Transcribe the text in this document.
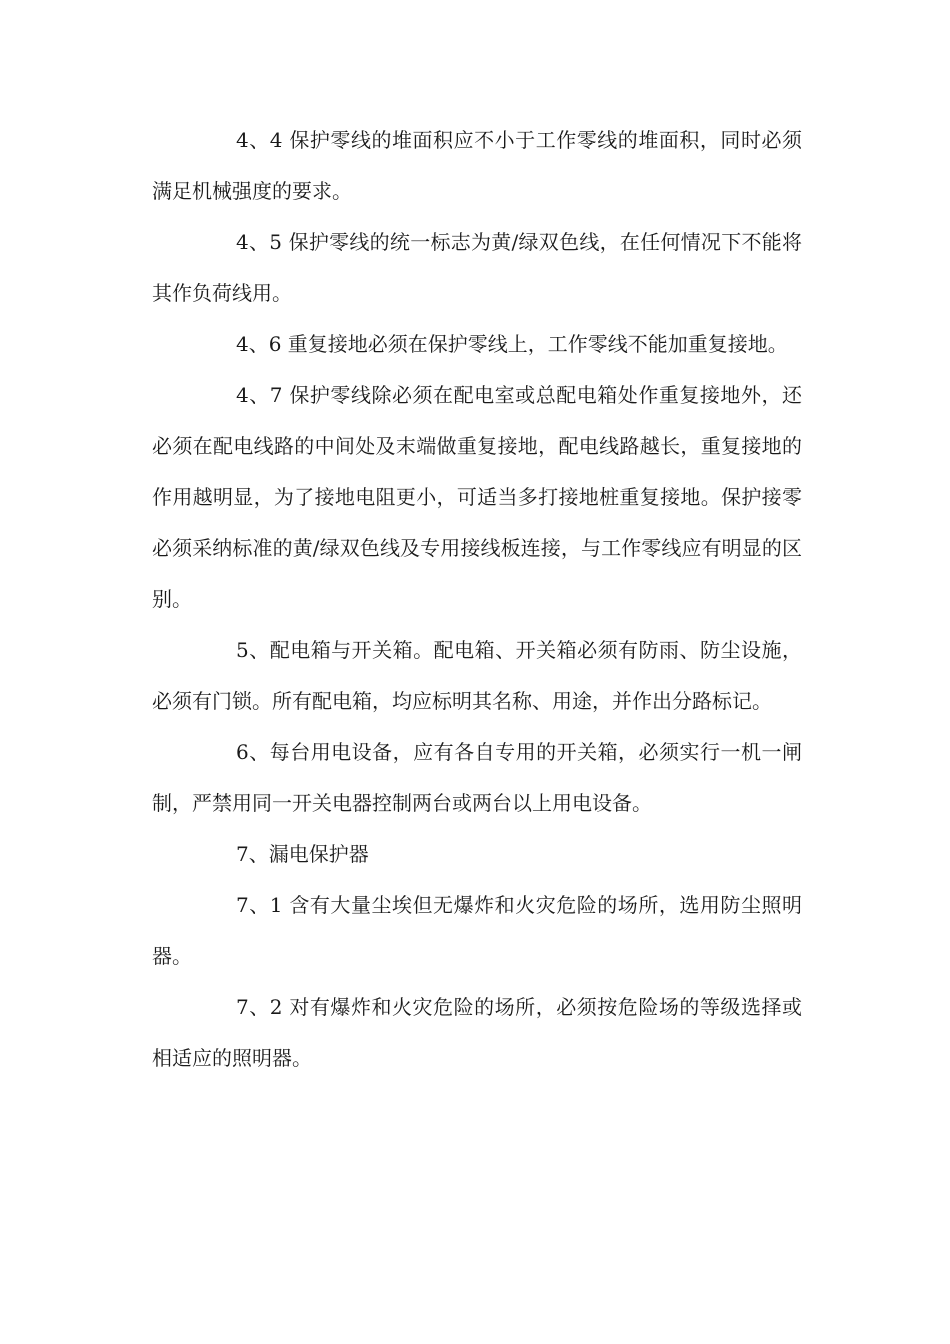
4、4 保护零线的堆面积应不小于工作零线的堆面积，同时必须满足机械强度的要求。

4、5 保护零线的统一标志为黄/绿双色线，在任何情况下不能将其作负荷线用。

4、6 重复接地必须在保护零线上，工作零线不能加重复接地。

4、7 保护零线除必须在配电室或总配电箱处作重复接地外，还必须在配电线路的中间处及末端做重复接地，配电线路越长，重复接地的作用越明显，为了接地电阻更小，可适当多打接地桩重复接地。保护接零必须采纳标准的黄/绿双色线及专用接线板连接，与工作零线应有明显的区别。

5、配电箱与开关箱。配电箱、开关箱必须有防雨、防尘设施，必须有门锁。所有配电箱，均应标明其名称、用途，并作出分路标记。

6、每台用电设备，应有各自专用的开关箱，必须实行一机一闸制，严禁用同一开关电器控制两台或两台以上用电设备。

7、漏电保护器

7、1 含有大量尘埃但无爆炸和火灾危险的场所，选用防尘照明器。

7、2 对有爆炸和火灾危险的场所，必须按危险场的等级选择或相适应的照明器。
